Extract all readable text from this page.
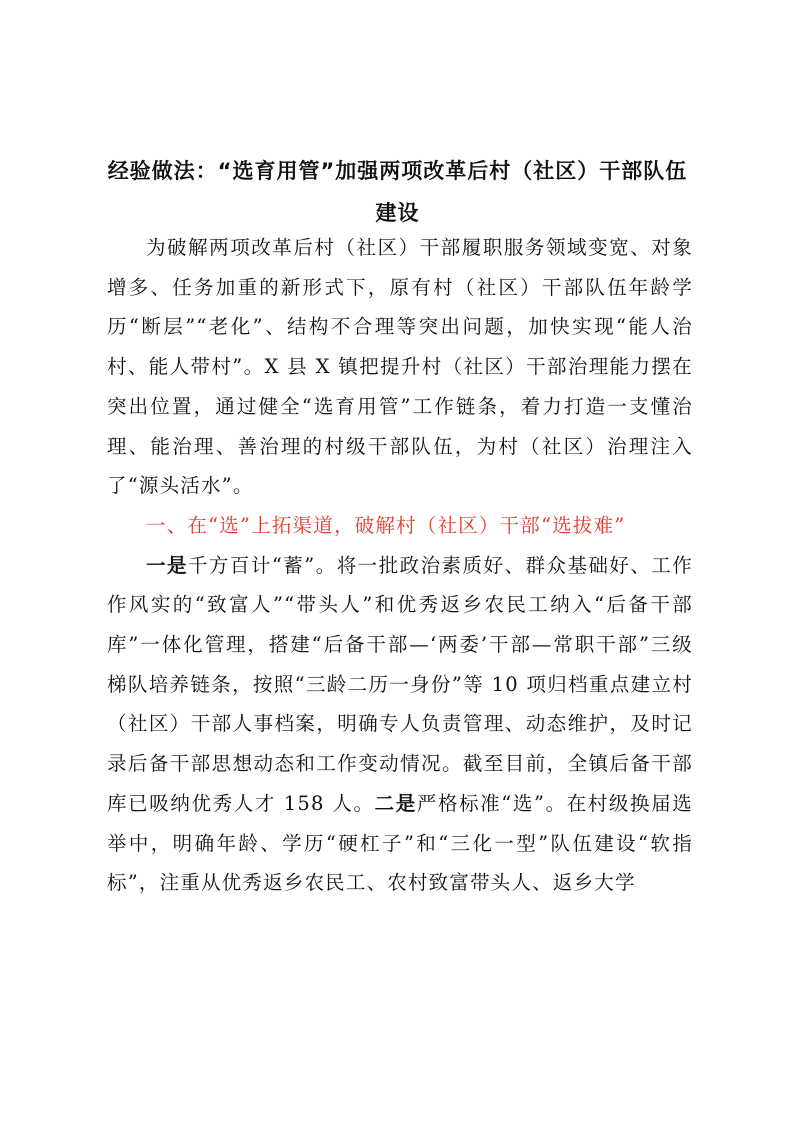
经验做法：“选育用管”加强两项改革后村（社区）干部队伍建设

为破解两项改革后村（社区）干部履职服务领域变宽、对象增多、任务加重的新形式下，原有村（社区）干部队伍年龄学历“断层”“老化”、结构不合理等突出问题，加快实现“能人治村、能人带村”。X 县 X 镇把提升村（社区）干部治理能力摆在突出位置，通过健全“选育用管”工作链条，着力打造一支懂治理、能治理、善治理的村级干部队伍，为村（社区）治理注入了“源头活水”。

一、在“选”上拓渠道，破解村（社区）干部“选拔难”

一是千方百计“蓄”。将一批政治素质好、群众基础好、工作作风实的“致富人”“带头人”和优秀返乡农民工纳入“后备干部库”一体化管理，搭建“后备干部—‘两委’干部—常职干部”三级梯队培养链条，按照“三龄二历一身份”等 10 项归档重点建立村（社区）干部人事档案，明确专人负责管理、动态维护，及时记录后备干部思想动态和工作变动情况。截至目前，全镇后备干部库已吸纳优秀人才 158 人。二是严格标准“选”。在村级换届选举中，明确年龄、学历“硬杠子”和“三化一型”队伍建设“软指标”，注重从优秀返乡农民工、农村致富带头人、返乡大学
